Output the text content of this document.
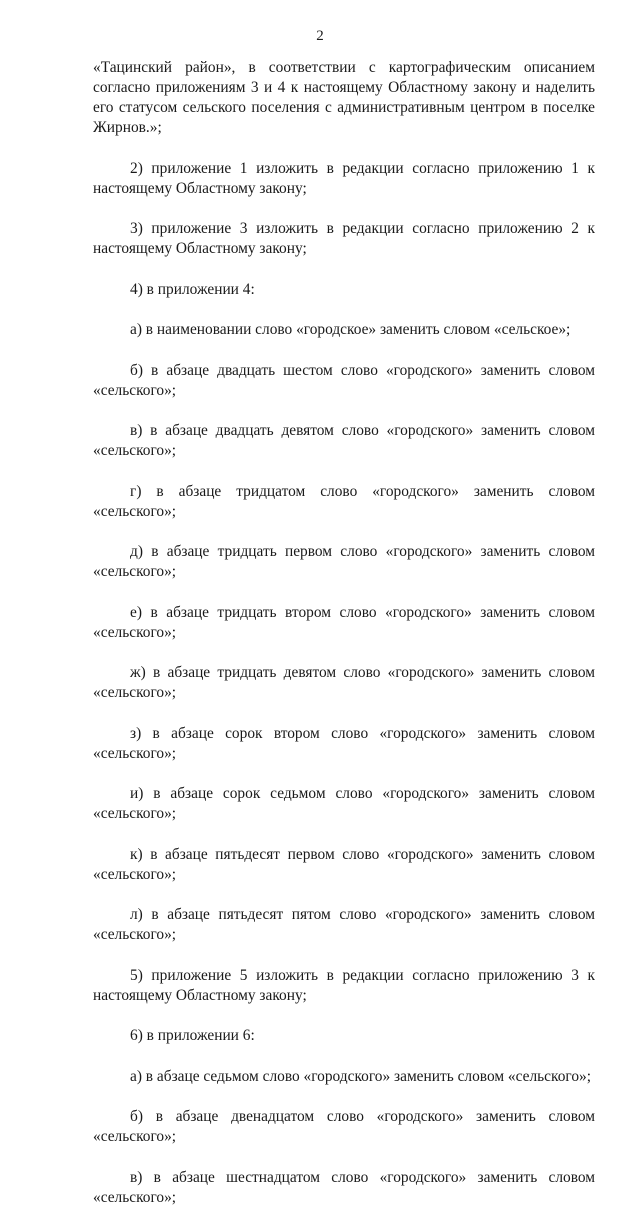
2

«Тацинский район», в соответствии с картографическим описанием согласно приложениям 3 и 4 к настоящему Областному закону и наделить его статусом сельского поселения с административным центром в поселке Жирнов.»;

2) приложение 1 изложить в редакции согласно приложению 1 к настоящему Областному закону;

3) приложение 3 изложить в редакции согласно приложению 2 к настоящему Областному закону;

4) в приложении 4:

а) в наименовании слово «городское» заменить словом «сельское»;

б) в абзаце двадцать шестом слово «городского» заменить словом «сельского»;

в) в абзаце двадцать девятом слово «городского» заменить словом «сельского»;

г) в абзаце тридцатом слово «городского» заменить словом «сельского»;

д) в абзаце тридцать первом слово «городского» заменить словом «сельского»;

е) в абзаце тридцать втором слово «городского» заменить словом «сельского»;

ж) в абзаце тридцать девятом слово «городского» заменить словом «сельского»;

з) в абзаце сорок втором слово «городского» заменить словом «сельского»;

и) в абзаце сорок седьмом слово «городского» заменить словом «сельского»;

к) в абзаце пятьдесят первом слово «городского» заменить словом «сельского»;

л) в абзаце пятьдесят пятом слово «городского» заменить словом «сельского»;

5) приложение 5 изложить в редакции согласно приложению 3 к настоящему Областному закону;

6) в приложении 6:

а) в абзаце седьмом слово «городского» заменить словом «сельского»;

б) в абзаце двенадцатом слово «городского» заменить словом «сельского»;

в) в абзаце шестнадцатом слово «городского» заменить словом «сельского»;
